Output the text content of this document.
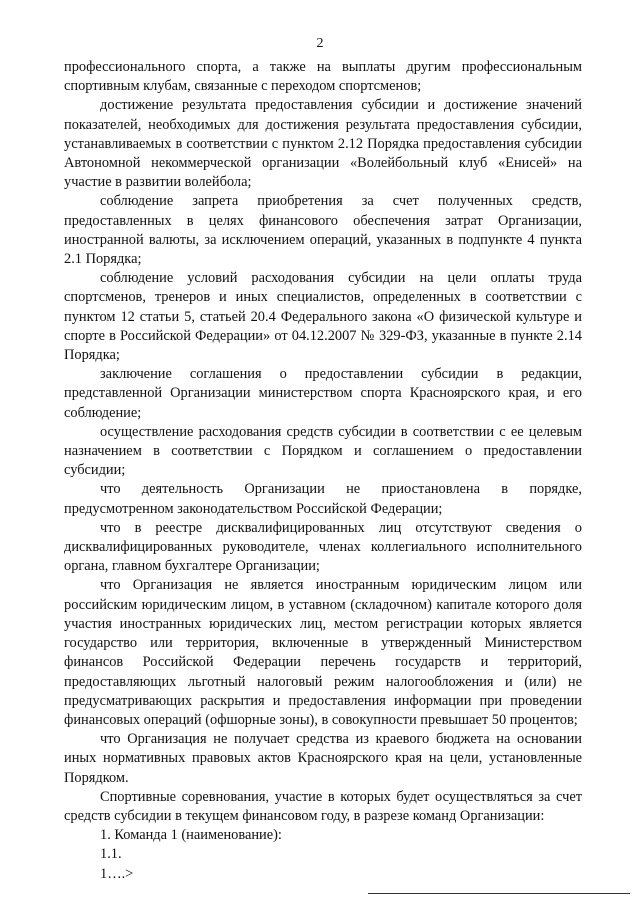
2

профессионального спорта, а также на выплаты другим профессиональным спортивным клубам, связанные с переходом спортсменов;

достижение результата предоставления субсидии и достижение значений показателей, необходимых для достижения результата предоставления субсидии, устанавливаемых в соответствии с пунктом 2.12 Порядка предоставления субсидии Автономной некоммерческой организации «Волейбольный клуб «Енисей» на участие в развитии волейбола;

соблюдение запрета приобретения за счет полученных средств, предоставленных в целях финансового обеспечения затрат Организации, иностранной валюты, за исключением операций, указанных в подпункте 4 пункта 2.1 Порядка;

соблюдение условий расходования субсидии на цели оплаты труда спортсменов, тренеров и иных специалистов, определенных в соответствии с пунктом 12 статьи 5, статьей 20.4 Федерального закона «О физической культуре и спорте в Российской Федерации» от 04.12.2007 № 329-ФЗ, указанные в пункте 2.14 Порядка;

заключение соглашения о предоставлении субсидии в редакции, представленной Организации министерством спорта Красноярского края, и его соблюдение;

осуществление расходования средств субсидии в соответствии с ее целевым назначением в соответствии с Порядком и соглашением о предоставлении субсидии;

что деятельность Организации не приостановлена в порядке, предусмотренном законодательством Российской Федерации;

что в реестре дисквалифицированных лиц отсутствуют сведения о дисквалифицированных руководителе, членах коллегиального исполнительного органа, главном бухгалтере Организации;

что Организация не является иностранным юридическим лицом или российским юридическим лицом, в уставном (складочном) капитале которого доля участия иностранных юридических лиц, местом регистрации которых является государство или территория, включенные в утвержденный Министерством финансов Российской Федерации перечень государств и территорий, предоставляющих льготный налоговый режим налогообложения и (или) не предусматривающих раскрытия и предоставления информации при проведении финансовых операций (офшорные зоны), в совокупности превышает 50 процентов;

что Организация не получает средства из краевого бюджета на основании иных нормативных правовых актов Красноярского края на цели, установленные Порядком.

Спортивные соревнования, участие в которых будет осуществляться за счет средств субсидии в текущем финансовом году, в разрезе команд Организации:

1. Команда 1 (наименование):

1.1.

1….>
